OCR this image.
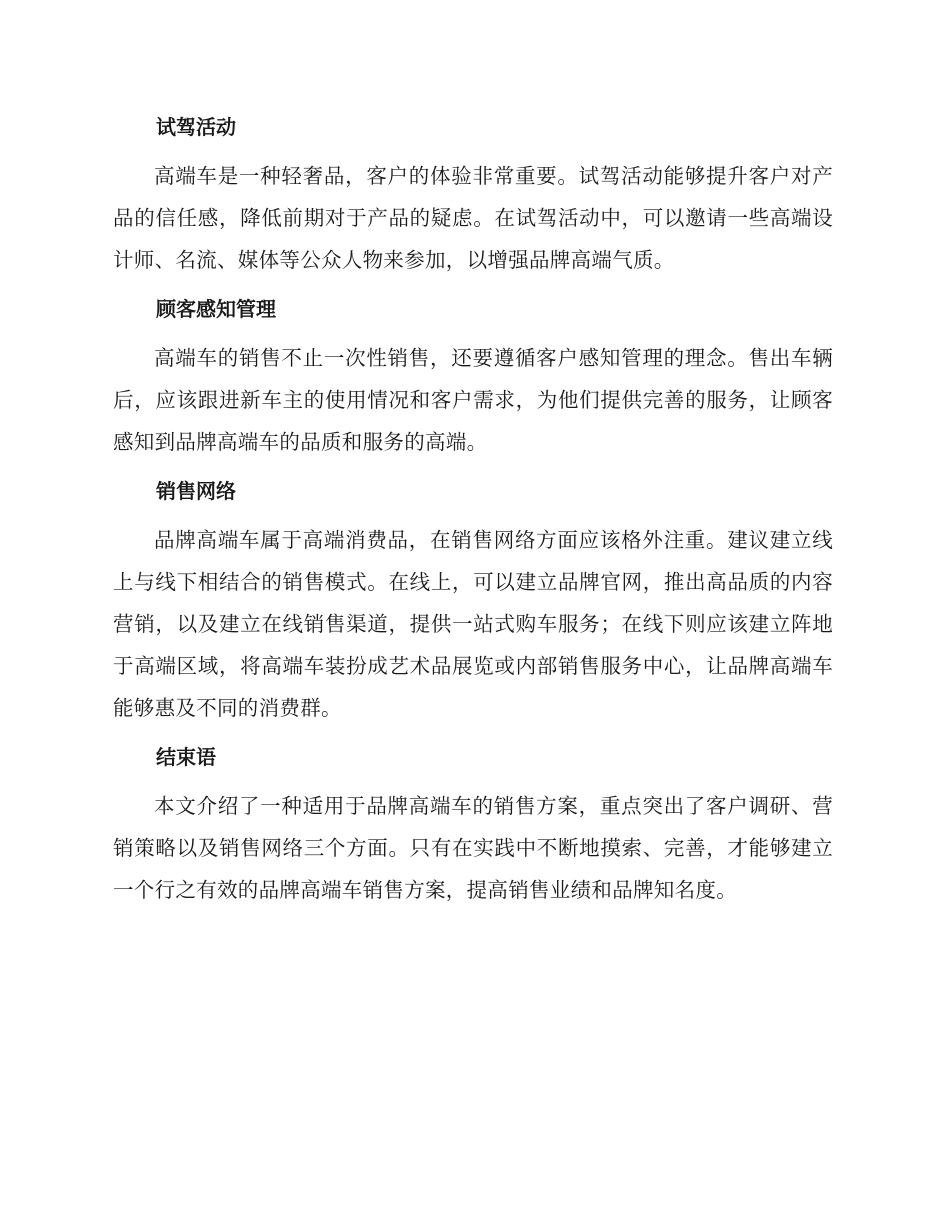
试驾活动

高端车是一种轻奢品，客户的体验非常重要。试驾活动能够提升客户对产品的信任感，降低前期对于产品的疑虑。在试驾活动中，可以邀请一些高端设计师、名流、媒体等公众人物来参加，以增强品牌高端气质。

顾客感知管理

高端车的销售不止一次性销售，还要遵循客户感知管理的理念。售出车辆后，应该跟进新车主的使用情况和客户需求，为他们提供完善的服务，让顾客感知到品牌高端车的品质和服务的高端。

销售网络

品牌高端车属于高端消费品，在销售网络方面应该格外注重。建议建立线上与线下相结合的销售模式。在线上，可以建立品牌官网，推出高品质的内容营销，以及建立在线销售渠道，提供一站式购车服务；在线下则应该建立阵地于高端区域，将高端车装扮成艺术品展览或内部销售服务中心，让品牌高端车能够惠及不同的消费群。

结束语

本文介绍了一种适用于品牌高端车的销售方案，重点突出了客户调研、营销策略以及销售网络三个方面。只有在实践中不断地摸索、完善，才能够建立一个行之有效的品牌高端车销售方案，提高销售业绩和品牌知名度。
